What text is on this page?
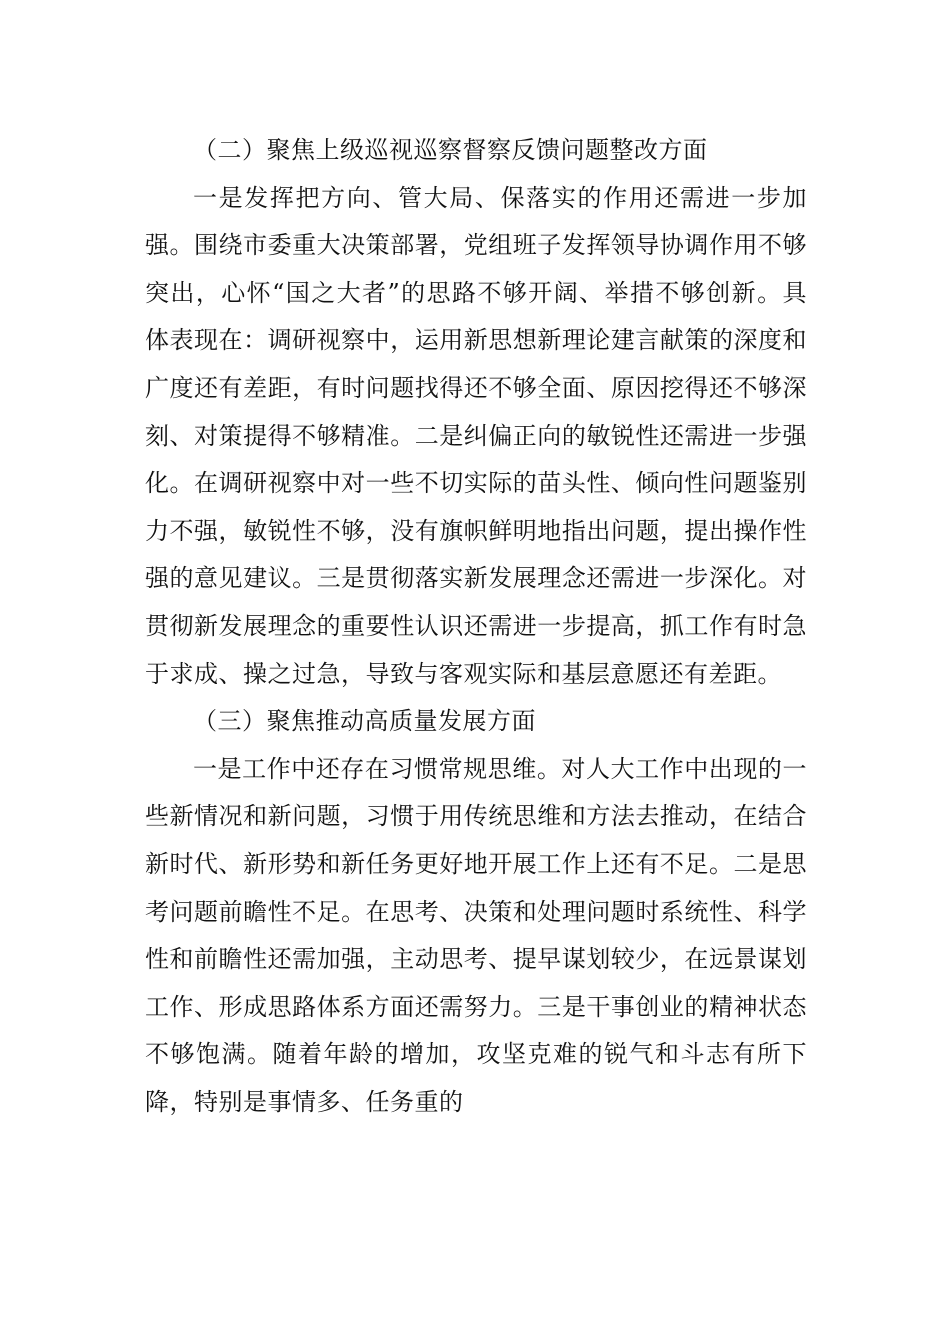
（二）聚焦上级巡视巡察督察反馈问题整改方面

一是发挥把方向、管大局、保落实的作用还需进一步加强。围绕市委重大决策部署，党组班子发挥领导协调作用不够突出，心怀“国之大者”的思路不够开阔、举措不够创新。具体表现在：调研视察中，运用新思想新理论建言献策的深度和广度还有差距，有时问题找得还不够全面、原因挖得还不够深刻、对策提得不够精准。二是纠偏正向的敏锐性还需进一步强化。在调研视察中对一些不切实际的苗头性、倾向性问题鉴别力不强，敏锐性不够，没有旗帜鲜明地指出问题，提出操作性强的意见建议。三是贯彻落实新发展理念还需进一步深化。对贯彻新发展理念的重要性认识还需进一步提高，抓工作有时急于求成、操之过急，导致与客观实际和基层意愿还有差距。

（三）聚焦推动高质量发展方面

一是工作中还存在习惯常规思维。对人大工作中出现的一些新情况和新问题，习惯于用传统思维和方法去推动，在结合新时代、新形势和新任务更好地开展工作上还有不足。二是思考问题前瞻性不足。在思考、决策和处理问题时系统性、科学性和前瞻性还需加强，主动思考、提早谋划较少，在远景谋划工作、形成思路体系方面还需努力。三是干事创业的精神状态不够饱满。随着年龄的增加，攻坚克难的锐气和斗志有所下降，特别是事情多、任务重的
